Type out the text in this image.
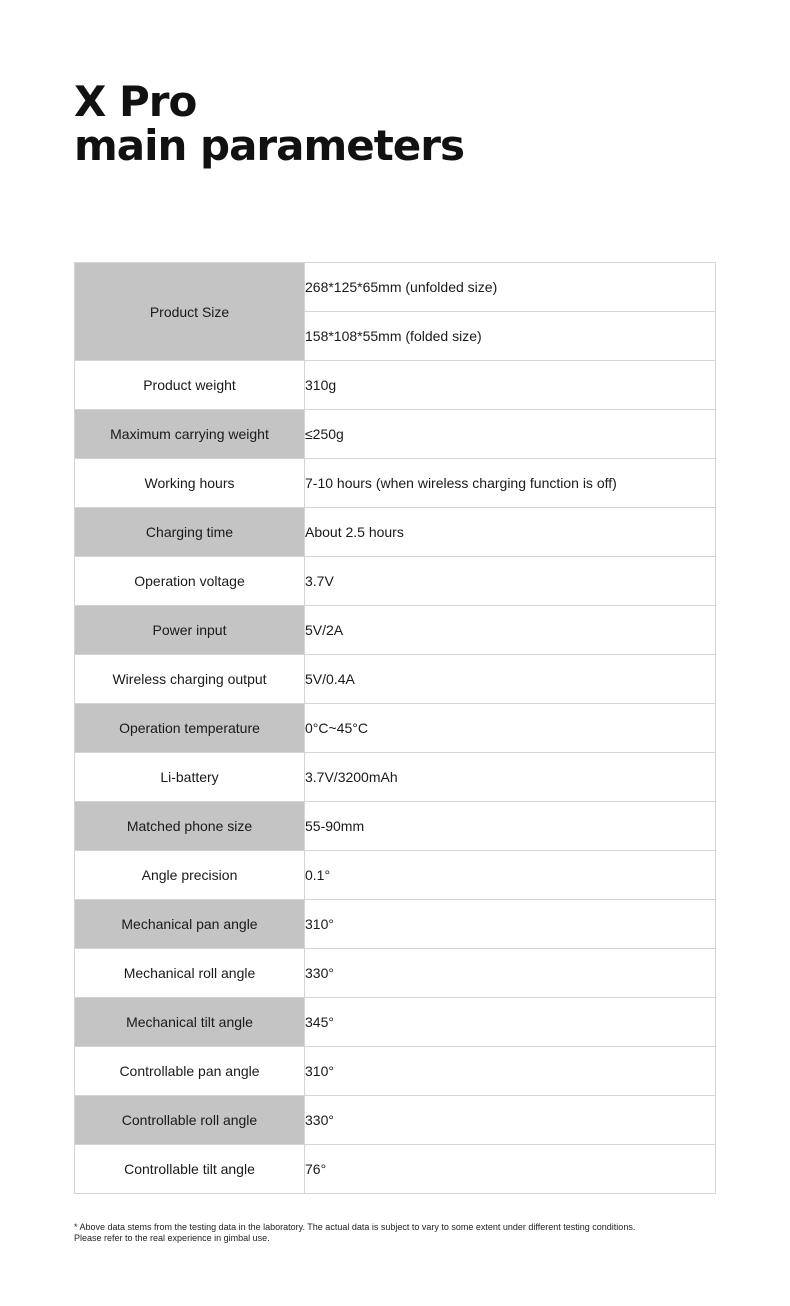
X Pro
main parameters
Product Size	268*125*65mm (unfolded size)
	158*108*55mm (folded size)
Product weight	310g
Maximum carrying weight	≤250g
Working hours	7-10 hours (when wireless charging function is off)
Charging time	About 2.5 hours
Operation voltage	3.7V
Power input	5V/2A
Wireless charging output	5V/0.4A
Operation temperature	0°C~45°C
Li-battery	3.7V/3200mAh
Matched phone size	55-90mm
Angle precision	0.1°
Mechanical pan angle	310°
Mechanical roll angle	330°
Mechanical tilt angle	345°
Controllable pan angle	310°
Controllable roll angle	330°
Controllable tilt angle	76°
* Above data stems from the testing data in the laboratory. The actual data is subject to vary to some extent under different testing conditions.
Please refer to the real experience in gimbal use.
